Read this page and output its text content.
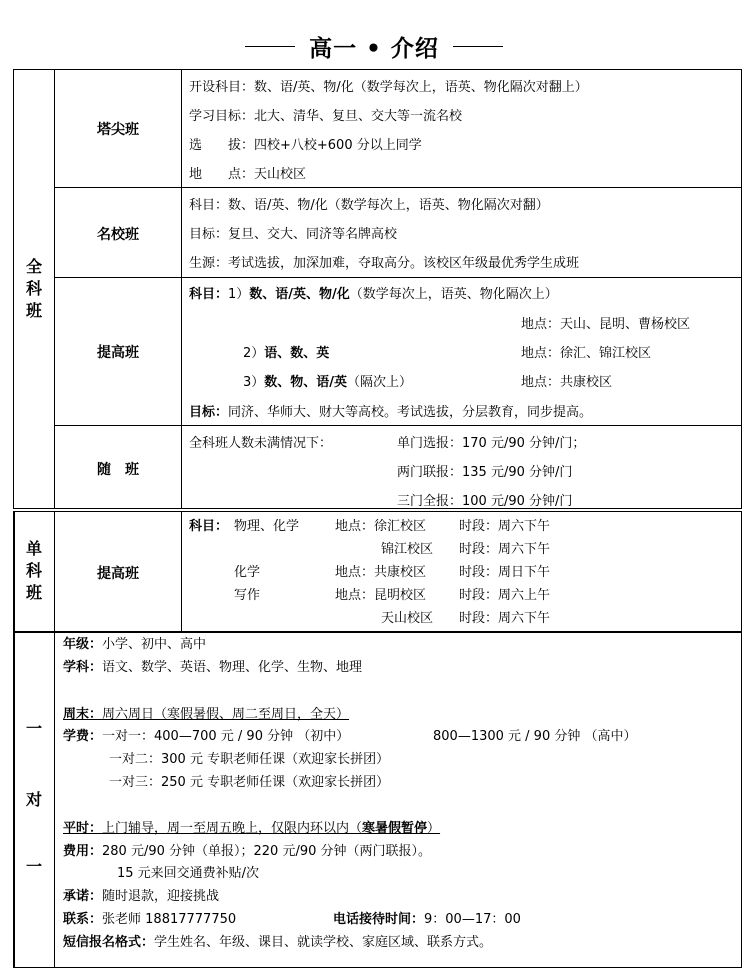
高一 • 介绍
全
科
班
塔尖班
开设科目：数、语/英、物/化（数学每次上，语英、物化隔次对翻上）
学习目标：北大、清华、复旦、交大等一流名校
选　　拔：四校+八校+600 分以上同学
地　　点：天山校区
名校班
科目：数、语/英、物/化（数学每次上，语英、物化隔次对翻）
目标：复旦、交大、同济等名牌高校
生源：考试选拔，加深加难，夺取高分。该校区年级最优秀学生成班
提高班
科目：1）数、语/英、物/化（数学每次上，语英、物化隔次上）
地点：天山、昆明、曹杨校区
2）语、数、英	地点：徐汇、锦江校区
3）数、物、语/英（隔次上）	地点：共康校区
目标：同济、华师大、财大等高校。考试选拔，分层教育，同步提高。
随　班
全科班人数未满情况下：	单门选报：170 元/90 分钟/门；
两门联报：135 元/90 分钟/门
三门全报：100 元/90 分钟/门
单
科
班
提高班
科目： 物理、化学	地点：徐汇校区	时段：周六下午
锦江校区 时段：周六下午
化学	地点：共康校区	时段：周日下午
写作	地点：昆明校区	时段：周六上午
天山校区 时段：周六下午
一
对
一
年级：小学、初中、高中
学科：语文、数学、英语、物理、化学、生物、地理
周末：周六周日（寒假暑假、周二至周日，全天）
学费：一对一：400—700 元 / 90 分钟 （初中）	800—1300 元 / 90 分钟 （高中）
一对二：300 元 专职老师任课（欢迎家长拼团）
一对三：250 元 专职老师任课（欢迎家长拼团）
平时：上门辅导，周一至周五晚上，仅限内环以内（寒暑假暂停）
费用：280 元/90 分钟（单报）；220 元/90 分钟（两门联报）。
15 元来回交通费补贴/次
承诺：随时退款，迎接挑战
联系：张老师 18817777750	电话接待时间：9：00—17：00
短信报名格式：学生姓名、年级、课目、就读学校、家庭区域、联系方式。
